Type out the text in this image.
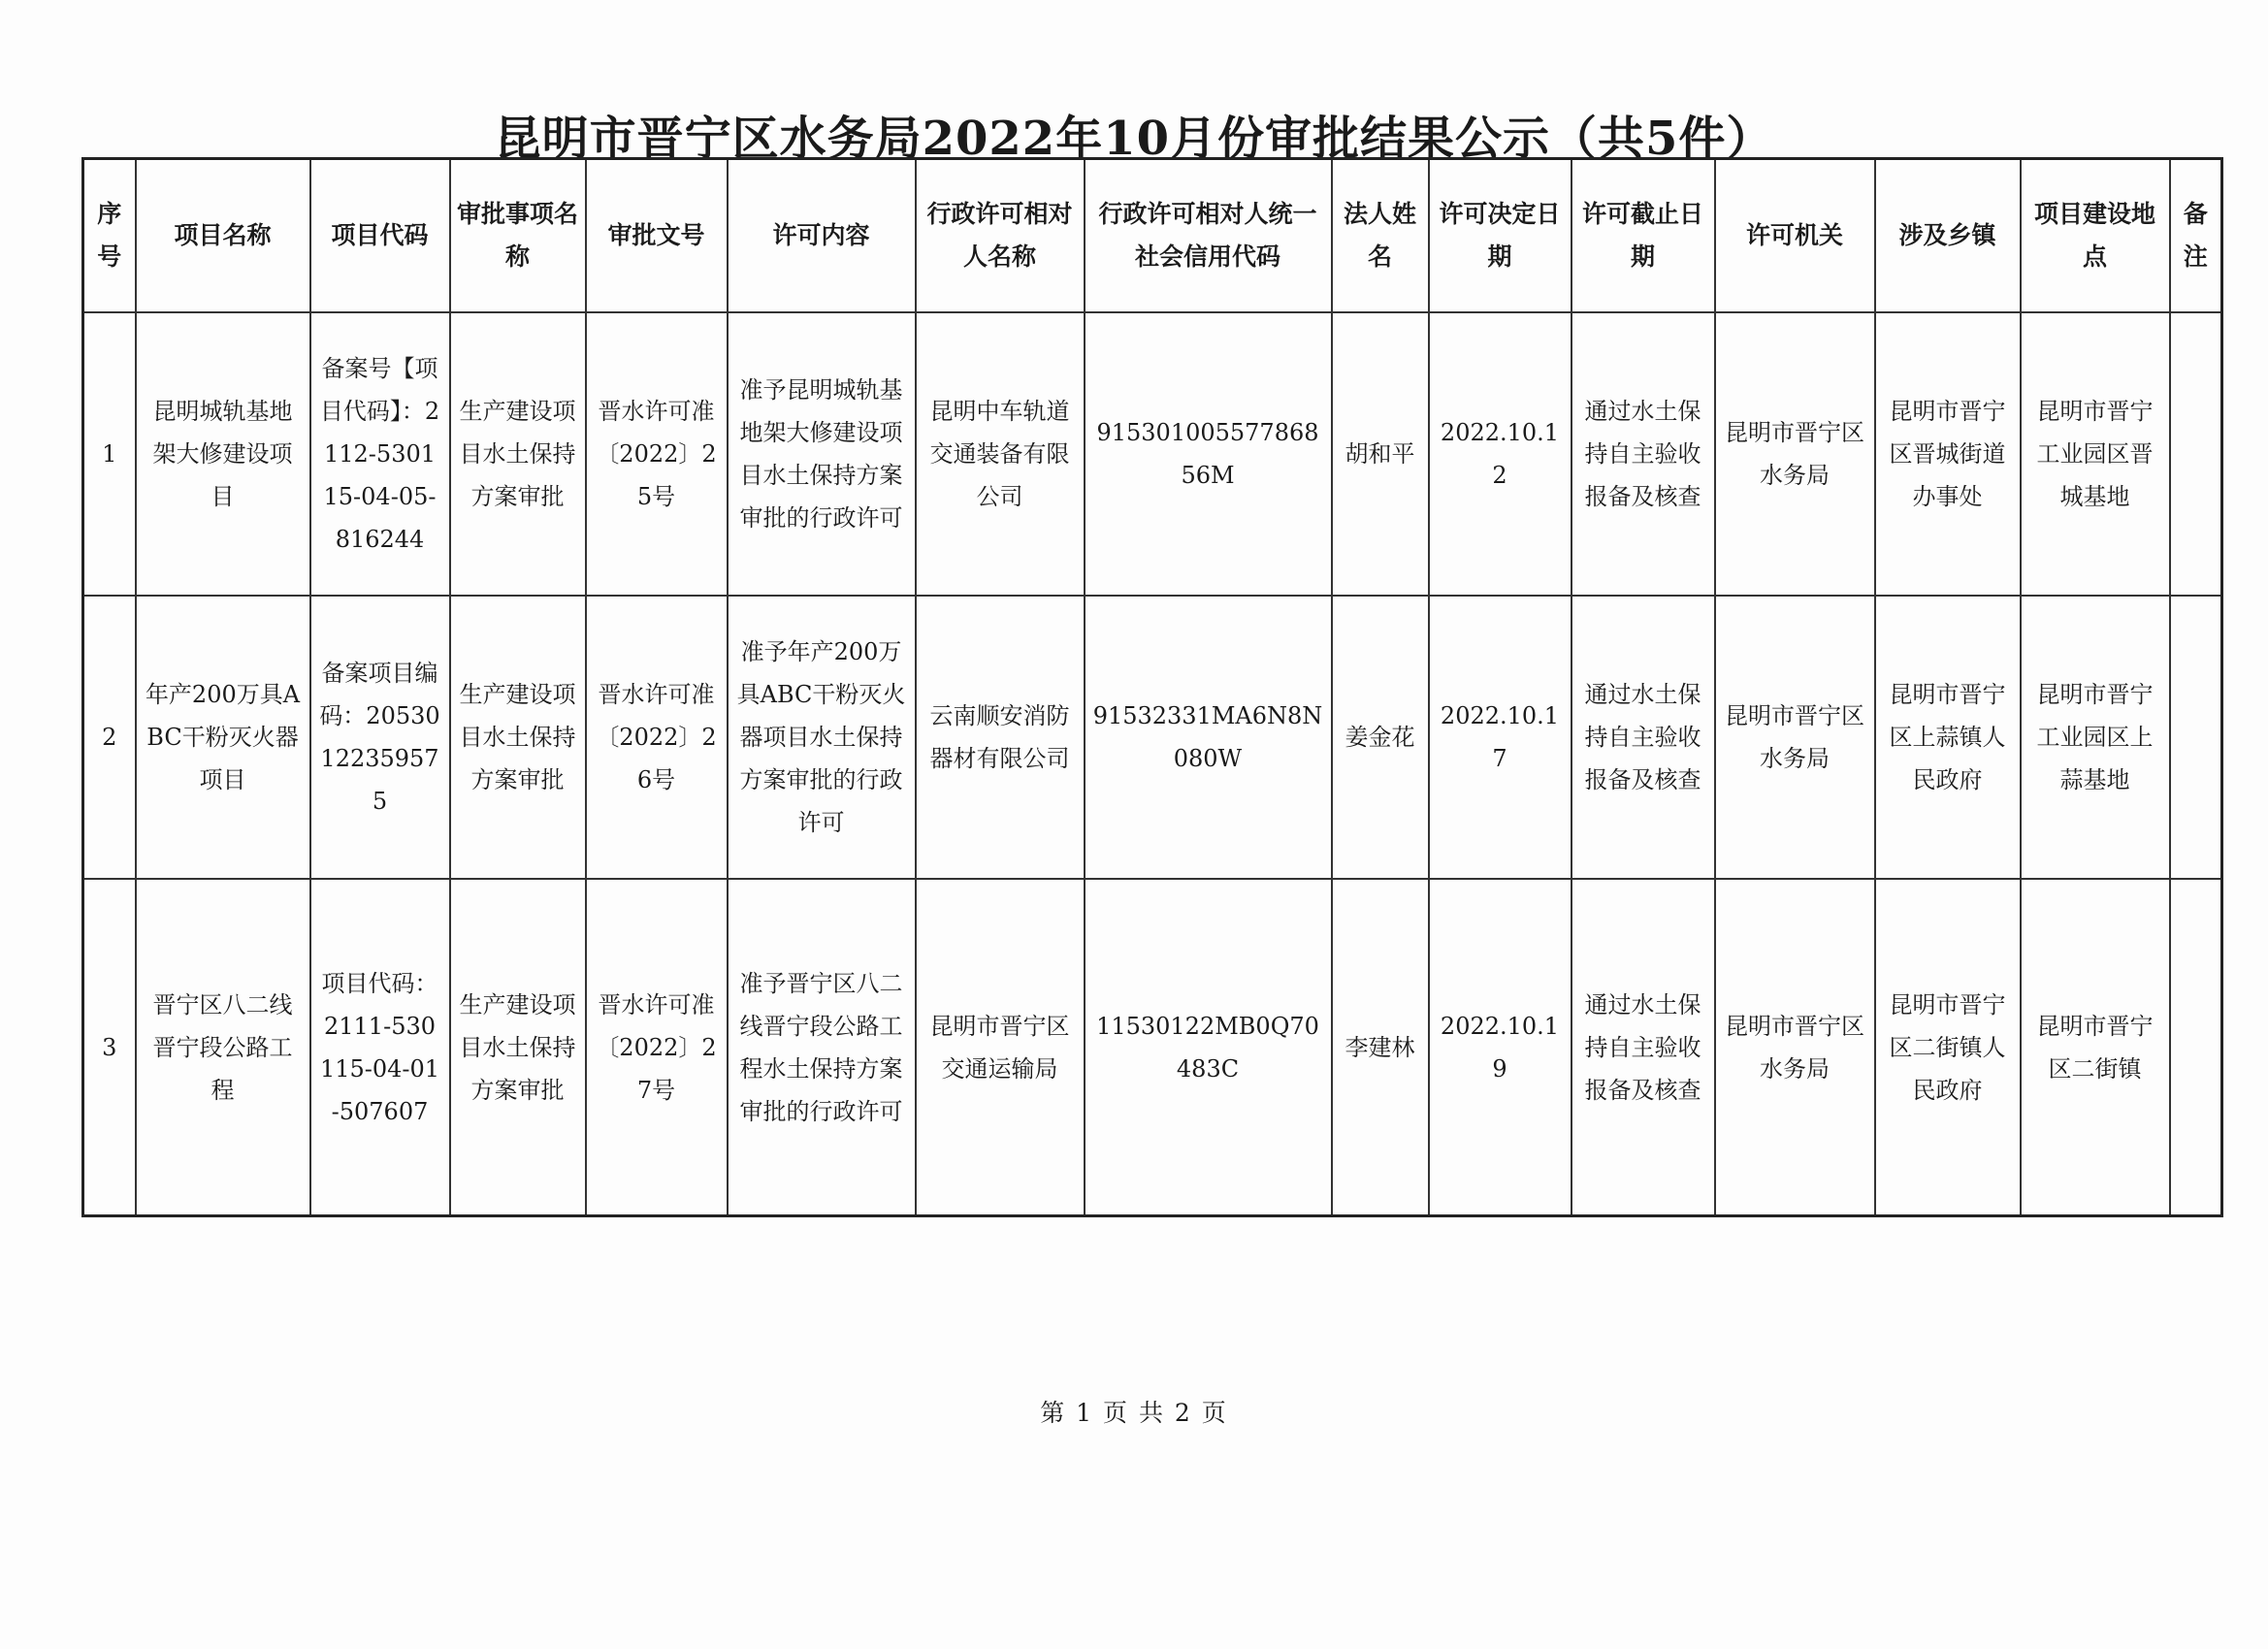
昆明市晋宁区水务局2022年10月份审批结果公示（共5件）
序号	项目名称	项目代码	审批事项名称	审批文号	许可内容	行政许可相对人名称	行政许可相对人统一社会信用代码	法人姓名	许可决定日期	许可截止日期	许可机关	涉及乡镇	项目建设地点	备注
1	昆明城轨基地架大修建设项目	备案号【项目代码】：2112-530115-04-05-816244	生产建设项目水土保持方案审批	晋水许可准〔2022〕25号	准予昆明城轨基地架大修建设项目水土保持方案审批的行政许可	昆明中车轨道交通装备有限公司	91530100557786856M	胡和平	2022.10.12	通过水土保持自主验收报备及核查	昆明市晋宁区水务局	昆明市晋宁区晋城街道办事处	昆明市晋宁工业园区晋城基地	
2	年产200万具ABC干粉灭火器项目	备案项目编码：20530122359575	生产建设项目水土保持方案审批	晋水许可准〔2022〕26号	准予年产200万具ABC干粉灭火器项目水土保持方案审批的行政许可	云南顺安消防器材有限公司	91532331MA6N8N080W	姜金花	2022.10.17	通过水土保持自主验收报备及核查	昆明市晋宁区水务局	昆明市晋宁区上蒜镇人民政府	昆明市晋宁工业园区上蒜基地	
3	晋宁区八二线晋宁段公路工程	项目代码：2111-530115-04-01-507607	生产建设项目水土保持方案审批	晋水许可准〔2022〕27号	准予晋宁区八二线晋宁段公路工程水土保持方案审批的行政许可	昆明市晋宁区交通运输局	11530122MB0Q70483C	李建林	2022.10.19	通过水土保持自主验收报备及核查	昆明市晋宁区水务局	昆明市晋宁区二街镇人民政府	昆明市晋宁区二街镇	
第 1 页 共 2 页
